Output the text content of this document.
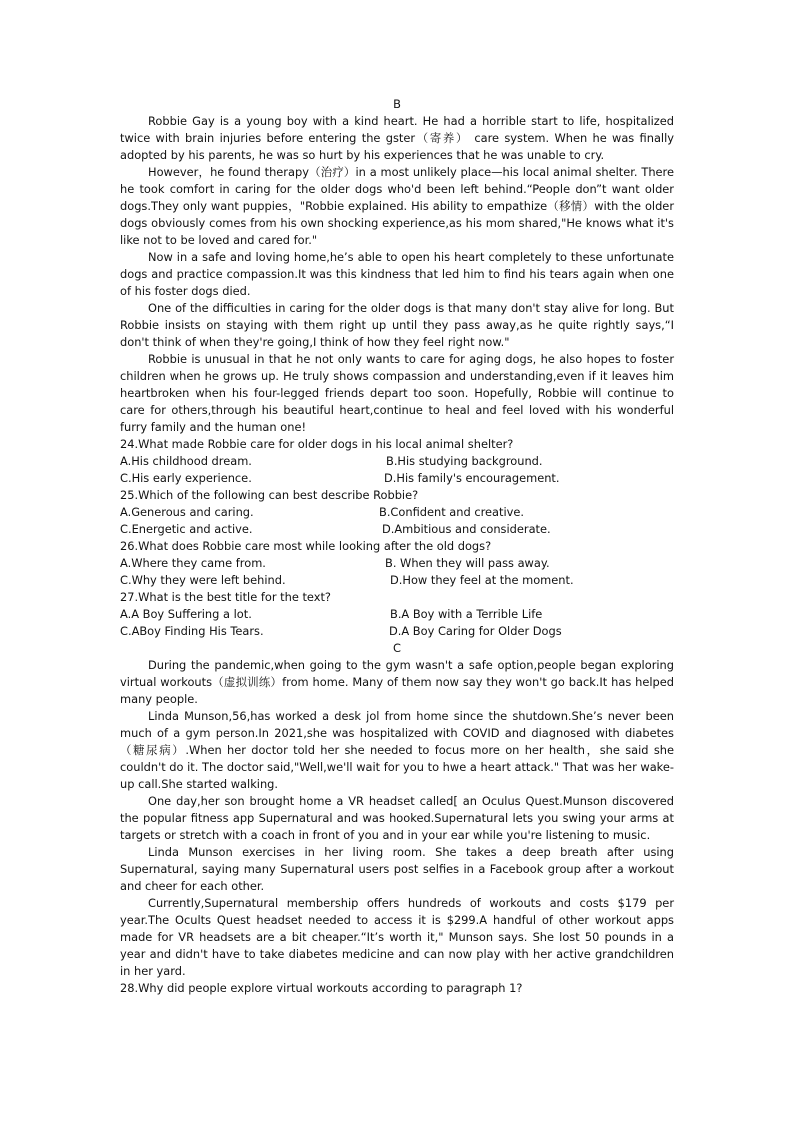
B
Robbie Gay is a young boy with a kind heart. He had a horrible start to life, hospitalized twice with brain injuries before entering the gster（寄养） care system. When he was finally adopted by his parents, he was so hurt by his experiences that he was unable to cry.
However，he found therapy（治疗）in a most unlikely place—his local animal shelter. There he took comfort in caring for the older dogs who'd been left behind.“People don”t want older dogs.They only want puppies，"Robbie explained. His ability to empathize（移情）with the older dogs obviously comes from his own shocking experience,as his mom shared,"He knows what it's like not to be loved and cared for."
Now in a safe and loving home,he’s able to open his heart completely to these unfortunate dogs and practice compassion.It was this kindness that led him to find his tears again when one of his foster dogs died.
One of the difficulties in caring for the older dogs is that many don't stay alive for long. But Robbie insists on staying with them right up until they pass away,as he quite rightly says,“I don't think of when they're going,I think of how they feel right now."
Robbie is unusual in that he not only wants to care for aging dogs, he also hopes to foster children when he grows up. He truly shows compassion and understanding,even if it leaves him heartbroken when his four-legged friends depart too soon. Hopefully, Robbie will continue to care for others,through his beautiful heart,continue to heal and feel loved with his wonderful furry family and the human one!
24.What made Robbie care for older dogs in his local animal shelter?
A.His childhood dream.	B.His studying background.
C.His early experience.	D.His family's encouragement.
25.Which of the following can best describe Robbie?
A.Generous and caring.	B.Confident and creative.
C.Energetic and active.	D.Ambitious and considerate.
26.What does Robbie care most while looking after the old dogs?
A.Where they came from.	B. When they will pass away.
C.Why they were left behind.	D.How they feel at the moment.
27.What is the best title for the text?
A.A Boy Suffering a lot.	B.A Boy with a Terrible Life
C.ABoy Finding His Tears.	D.A Boy Caring for Older Dogs
C
During the pandemic,when going to the gym wasn't a safe option,people began exploring virtual workouts（虚拟训练）from home. Many of them now say they won't go back.It has helped many people.
Linda Munson,56,has worked a desk jol from home since the shutdown.She’s never been much of a gym person.In 2021,she was hospitalized with COVID and diagnosed with diabetes（糖尿病）.When her doctor told her she needed to focus more on her health，she said she couldn't do it. The doctor said,"Well,we'll wait for you to hwe a heart attack." That was her wake-up call.She started walking.
One day,her son brought home a VR headset called[ an Oculus Quest.Munson discovered the popular fitness app Supernatural and was hooked.Supernatural lets you swing your arms at targets or stretch with a coach in front of you and in your ear while you're listening to music.
Linda Munson exercises in her living room. She takes a deep breath after using Supernatural, saying many Supernatural users post selfies in a Facebook group after a workout and cheer for each other.
Currently,Supernatural membership offers hundreds of workouts and costs $179 per year.The Ocults Quest headset needed to access it is $299.A handful of other workout apps made for VR headsets are a bit cheaper.“It’s worth it," Munson says. She lost 50 pounds in a year and didn't have to take diabetes medicine and can now play with her active grandchildren in her yard.
28.Why did people explore virtual workouts according to paragraph 1?
